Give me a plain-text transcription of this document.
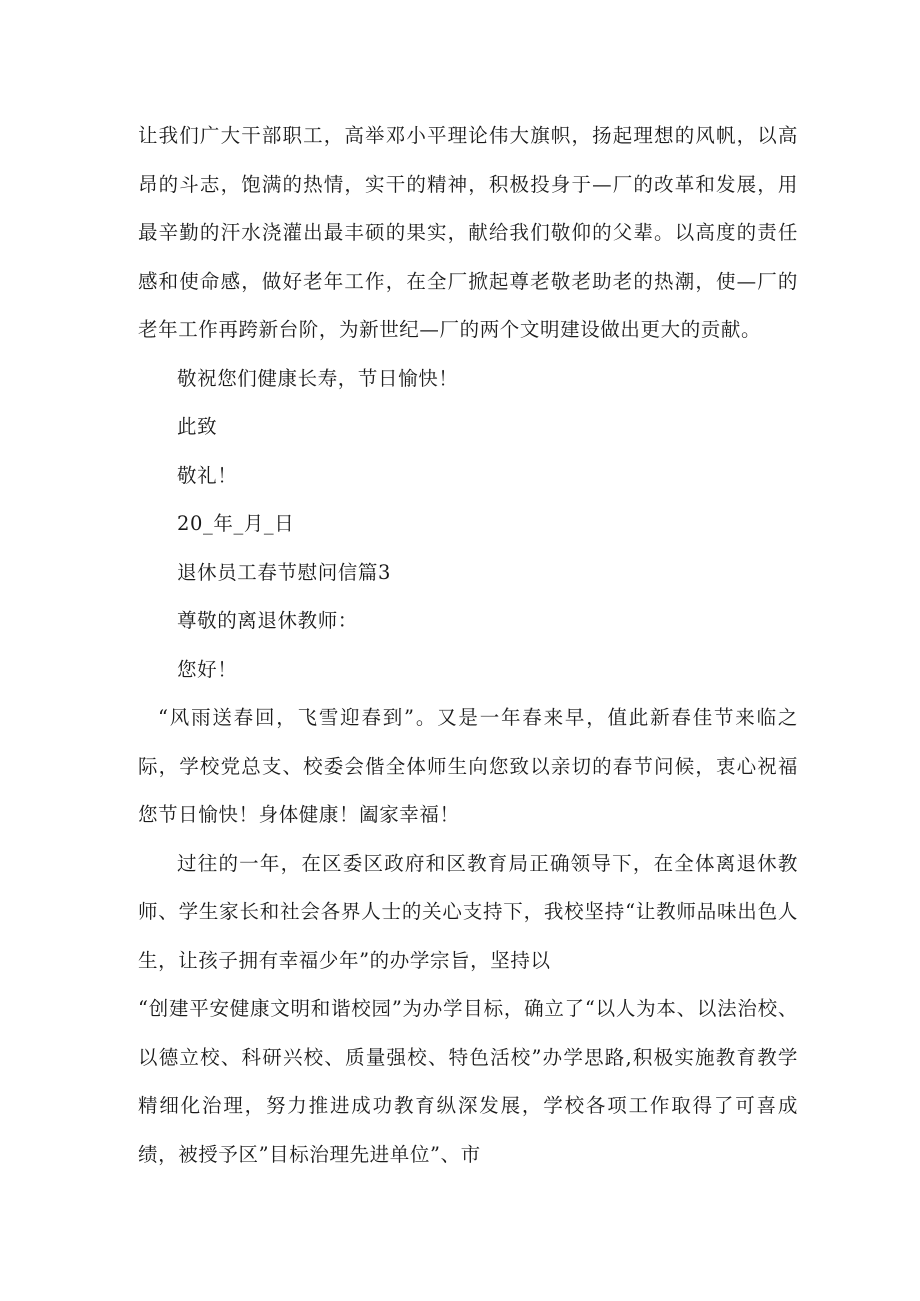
让我们广大干部职工，高举邓小平理论伟大旗帜，扬起理想的风帆，以高昂的斗志，饱满的热情，实干的精神，积极投身于—厂的改革和发展，用最辛勤的汗水浇灌出最丰硕的果实，献给我们敬仰的父辈。以高度的责任感和使命感，做好老年工作，在全厂掀起尊老敬老助老的热潮，使—厂的老年工作再跨新台阶，为新世纪—厂的两个文明建设做出更大的贡献。

敬祝您们健康长寿，节日愉快！

此致

敬礼！

20_年_月_日

退休员工春节慰问信篇3

尊敬的离退休教师：

您好！

“风雨送春回，飞雪迎春到”。又是一年春来早，值此新春佳节来临之际，学校党总支、校委会偕全体师生向您致以亲切的春节问候，衷心祝福您节日愉快！身体健康！阖家幸福！

过往的一年，在区委区政府和区教育局正确领导下，在全体离退休教师、学生家长和社会各界人士的关心支持下，我校坚持“让教师品味出色人生，让孩子拥有幸福少年”的办学宗旨，坚持以

“创建平安健康文明和谐校园”为办学目标，确立了“以人为本、以法治校、以德立校、科研兴校、质量强校、特色活校”办学思路,积极实施教育教学精细化治理，努力推进成功教育纵深发展，学校各项工作取得了可喜成绩，被授予区”目标治理先进单位”、市
